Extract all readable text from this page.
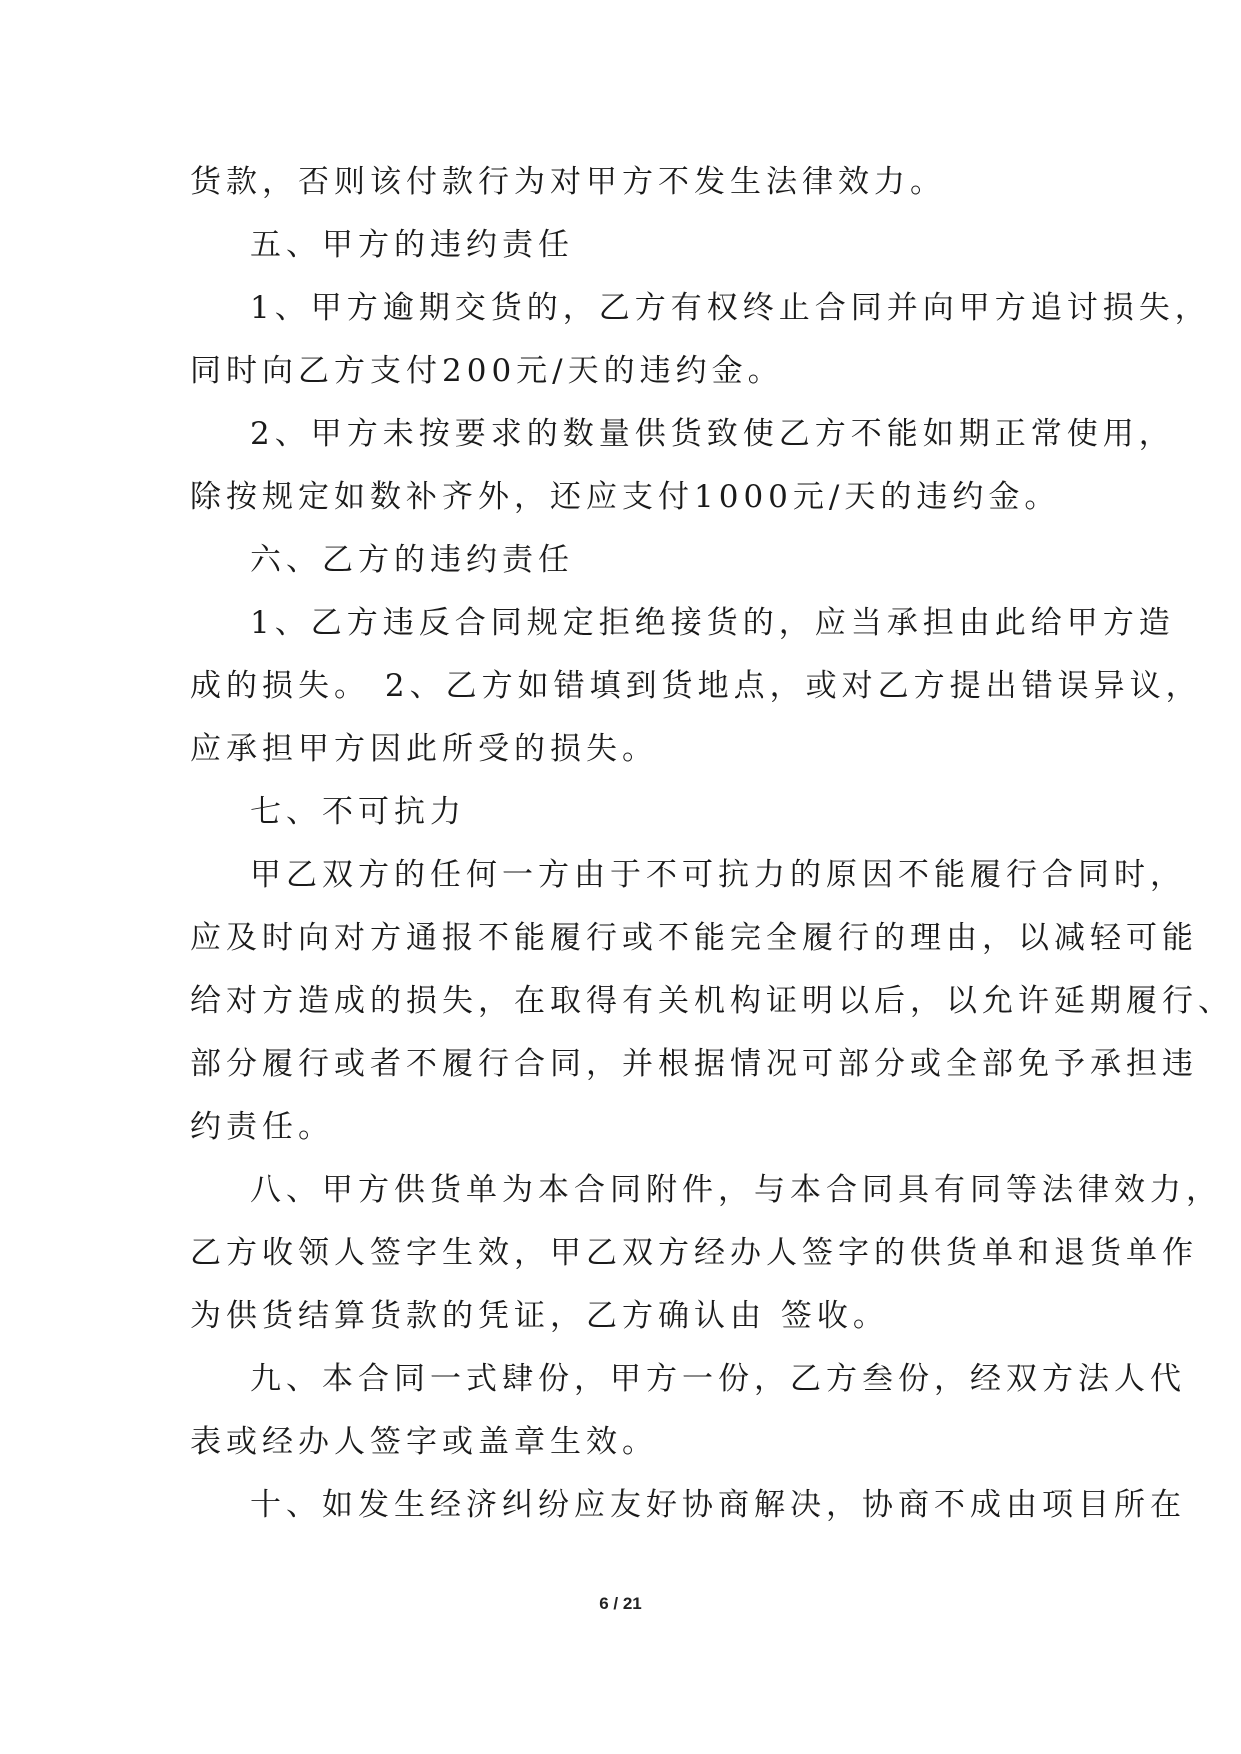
货款，否则该付款行为对甲方不发生法律效力。

五、甲方的违约责任

1、甲方逾期交货的，乙方有权终止合同并向甲方追讨损失，

同时向乙方支付200元/天的违约金。

2、甲方未按要求的数量供货致使乙方不能如期正常使用，

除按规定如数补齐外，还应支付1000元/天的违约金。

六、乙方的违约责任

1、乙方违反合同规定拒绝接货的，应当承担由此给甲方造

成的损失。 2、乙方如错填到货地点，或对乙方提出错误异议，

应承担甲方因此所受的损失。

七、不可抗力

甲乙双方的任何一方由于不可抗力的原因不能履行合同时，

应及时向对方通报不能履行或不能完全履行的理由，以减轻可能

给对方造成的损失，在取得有关机构证明以后，以允许延期履行、

部分履行或者不履行合同，并根据情况可部分或全部免予承担违

约责任。

八、甲方供货单为本合同附件，与本合同具有同等法律效力，

乙方收领人签字生效，甲乙双方经办人签字的供货单和退货单作

为供货结算货款的凭证，乙方确认由 签收。

九、本合同一式肆份，甲方一份，乙方叁份，经双方法人代

表或经办人签字或盖章生效。

十、如发生经济纠纷应友好协商解决，协商不成由项目所在

6 / 21
